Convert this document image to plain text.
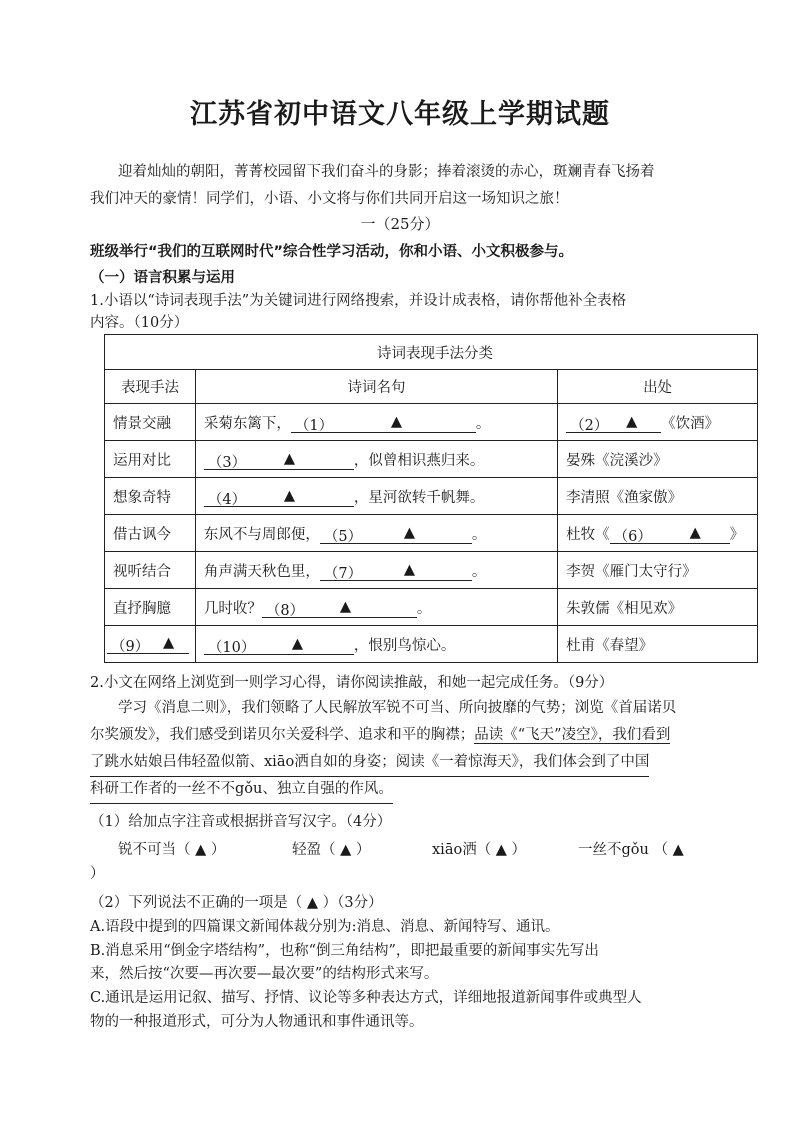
江苏省初中语文八年级上学期试题
迎着灿灿的朝阳，菁菁校园留下我们奋斗的身影；捧着滚烫的赤心，斑斓青春飞扬着
我们冲天的豪情！同学们，小语、小文将与你们共同开启这一场知识之旅！
一（25分）
班级举行“我们的互联网时代”综合性学习活动，你和小语、小文积极参与。
（一）语言积累与运用
1.小语以“诗词表现手法”为关键词进行网络搜索，并设计成表格，请你帮他补全表格
内容。（10分）
诗词表现手法分类		
表现手法	诗词名句	出处
情景交融	采菊东篱下， （1） ▲ 。	（2） ▲ 《饮酒》
运用对比	（3） ▲ ，似曾相识燕归来。	晏殊《浣溪沙》
想象奇特	（4） ▲ ，星河欲转千帆舞。	李清照《渔家傲》
借古讽今	东风不与周郎便， （5） ▲ 。	杜牧《 （6） ▲ 》
视听结合	角声满天秋色里， （7） ▲ 。	李贺《雁门太守行》
直抒胸臆	几时收？ （8） ▲ 。	朱敦儒《相见欢》

（9） ▲	（10） ▲ ，恨别鸟惊心。	杜甫《春望》
2.小文在网络上浏览到一则学习心得，请你阅读推敲，和她一起完成任务。（9分）
学习《消息二则》，我们领略了人民解放军锐不可当、所向披靡的气势；浏览《首届诺贝
尔奖颁发》，我们感受到诺贝尔关爱科学、追求和平的胸襟；品读《“飞天”凌空》，我们看到
了跳水姑娘吕伟轻盈似箭、xiāo洒自如的身姿；阅读《一着惊海天》，我们体会到了中国
科研工作者的一丝不不gǒu、独立自强的作风。
（1）给加点字注音或根据拼音写汉字。（4分）
锐不可当（ ▲ ）	轻盈（ ▲ ）	xiāo洒（ ▲ ）	一丝不gǒu （ ▲
）
（2）下列说法不正确的一项是（ ▲ ）（3分）
A.语段中提到的四篇课文新闻体裁分别为:消息、消息、新闻特写、通讯。
B.消息采用“倒金字塔结构”，也称“倒三角结构”，即把最重要的新闻事实先写出
来，然后按“次要—再次要—最次要”的结构形式来写。
C.通讯是运用记叙、描写、抒情、议论等多种表达方式，详细地报道新闻事件或典型人
物的一种报道形式，可分为人物通讯和事件通讯等。
